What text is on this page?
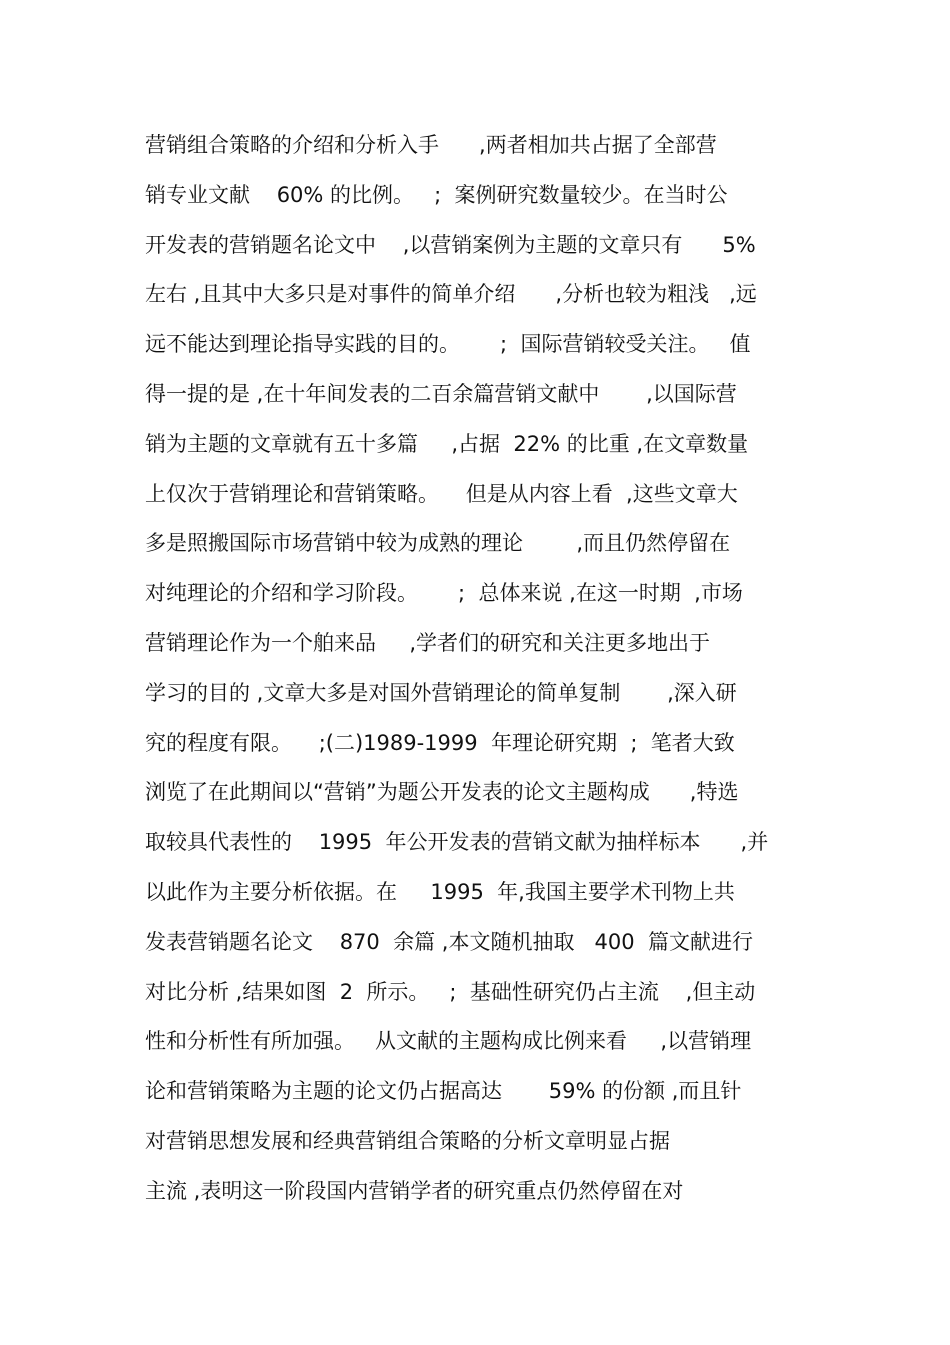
营销组合策略的介绍和分析入手      ,两者相加共占据了全部营
销专业文献    60% 的比例。   ;  案例研究数量较少。在当时公
开发表的营销题名论文中    ,以营销案例为主题的文章只有      5%
左右 ,且其中大多只是对事件的简单介绍      ,分析也较为粗浅   ,远
远不能达到理论指导实践的目的。      ;  国际营销较受关注。   值
得一提的是 ,在十年间发表的二百余篇营销文献中       ,以国际营
销为主题的文章就有五十多篇     ,占据  22% 的比重 ,在文章数量
上仅次于营销理论和营销策略。    但是从内容上看  ,这些文章大
多是照搬国际市场营销中较为成熟的理论        ,而且仍然停留在
对纯理论的介绍和学习阶段。      ;  总体来说 ,在这一时期  ,市场
营销理论作为一个舶来品     ,学者们的研究和关注更多地出于
学习的目的 ,文章大多是对国外营销理论的简单复制       ,深入研
究的程度有限。    ;(二)1989-1999  年理论研究期  ;  笔者大致
浏览了在此期间以“营销”为题公开发表的论文主题构成      ,特选
取较具代表性的    1995  年公开发表的营销文献为抽样标本      ,并
以此作为主要分析依据。在     1995  年,我国主要学术刊物上共
发表营销题名论文    870  余篇 ,本文随机抽取   400  篇文献进行
对比分析 ,结果如图  2  所示。   ;  基础性研究仍占主流    ,但主动
性和分析性有所加强。   从文献的主题构成比例来看     ,以营销理
论和营销策略为主题的论文仍占据高达       59% 的份额 ,而且针
对营销思想发展和经典营销组合策略的分析文章明显占据
主流 ,表明这一阶段国内营销学者的研究重点仍然停留在对
